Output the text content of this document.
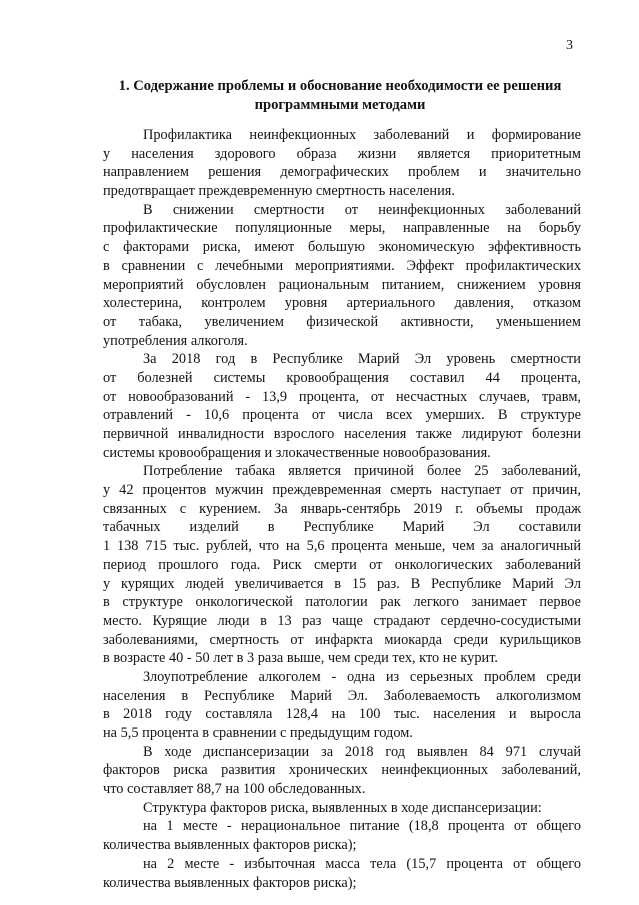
3
1. Содержание проблемы и обоснование необходимости ее решения
программными методами
Профилактика неинфекционных заболеваний и формирование
у населения здорового образа жизни является приоритетным
направлением решения демографических проблем и значительно
предотвращает преждевременную смертность населения.
В снижении смертности от неинфекционных заболеваний
профилактические популяционные меры, направленные на борьбу
с факторами риска, имеют большую экономическую эффективность
в сравнении с лечебными мероприятиями. Эффект профилактических
мероприятий обусловлен рациональным питанием, снижением уровня
холестерина, контролем уровня артериального давления, отказом
от табака, увеличением физической активности, уменьшением
употребления алкоголя.
За 2018 год в Республике Марий Эл уровень смертности
от болезней системы кровообращения составил 44 процента,
от новообразований - 13,9 процента, от несчастных случаев, травм,
отравлений - 10,6 процента от числа всех умерших. В структуре
первичной инвалидности взрослого населения также лидируют болезни
системы кровообращения и злокачественные новообразования.
Потребление табака является причиной более 25 заболеваний,
у 42 процентов мужчин преждевременная смерть наступает от причин,
связанных с курением. За январь-сентябрь 2019 г. объемы продаж
табачных изделий в Республике Марий Эл составили
1 138 715 тыс. рублей, что на 5,6 процента меньше, чем за аналогичный
период прошлого года. Риск смерти от онкологических заболеваний
у курящих людей увеличивается в 15 раз. В Республике Марий Эл
в структуре онкологической патологии рак легкого занимает первое
место. Курящие люди в 13 раз чаще страдают сердечно-сосудистыми
заболеваниями, смертность от инфаркта миокарда среди курильщиков
в возрасте 40 - 50 лет в 3 раза выше, чем среди тех, кто не курит.
Злоупотребление алкоголем - одна из серьезных проблем среди
населения в Республике Марий Эл. Заболеваемость алкоголизмом
в 2018 году составляла 128,4 на 100 тыс. населения и выросла
на 5,5 процента в сравнении с предыдущим годом.
В ходе диспансеризации за 2018 год выявлен 84 971 случай
факторов риска развития хронических неинфекционных заболеваний,
что составляет 88,7 на 100 обследованных.
Структура факторов риска, выявленных в ходе диспансеризации:
на 1 месте - нерациональное питание (18,8 процента от общего
количества выявленных факторов риска);
на 2 месте - избыточная масса тела (15,7 процента от общего
количества выявленных факторов риска);
